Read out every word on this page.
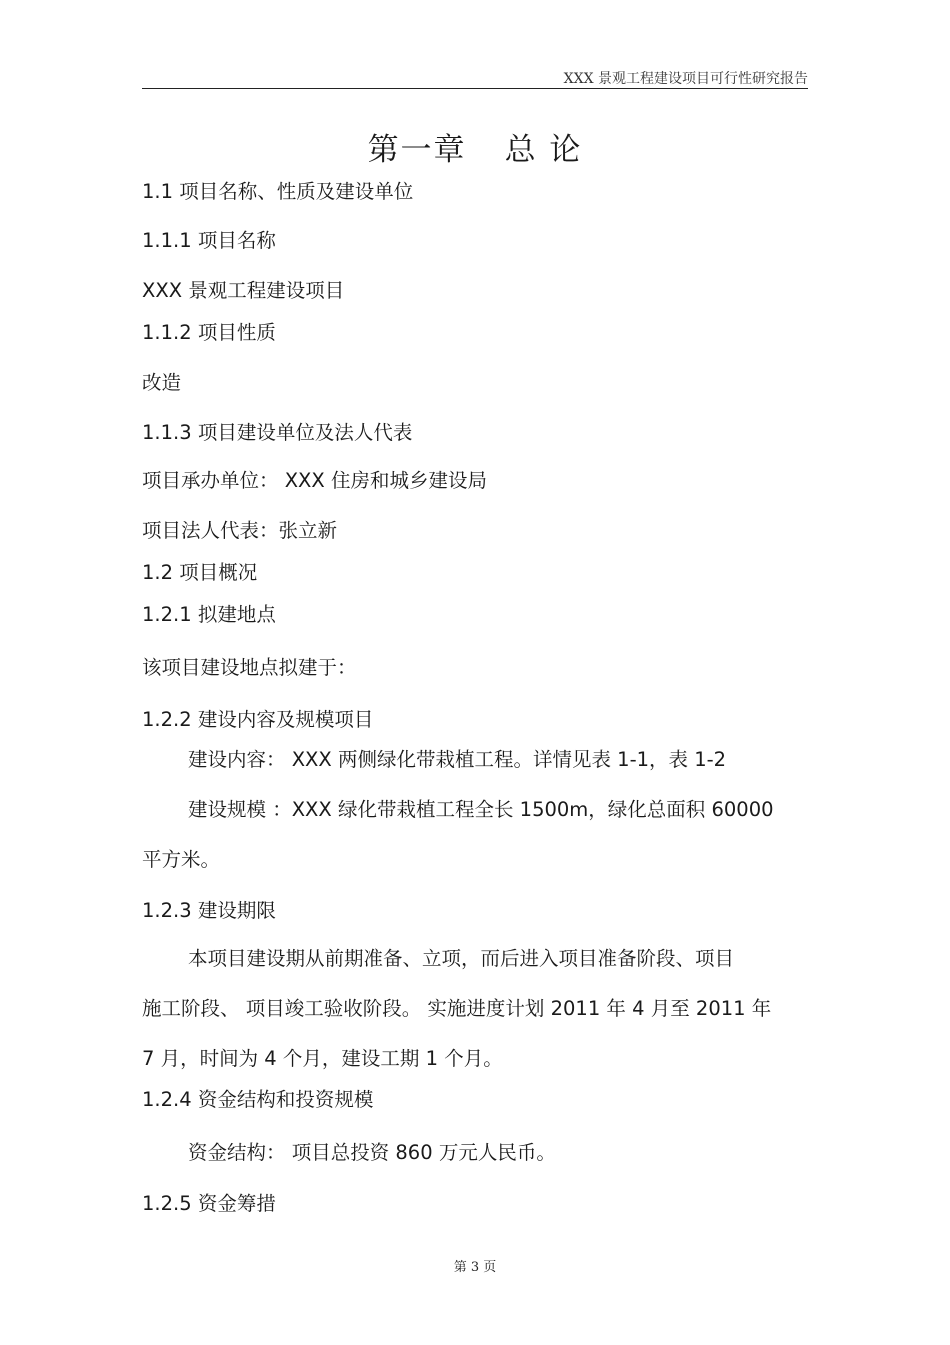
XXX 景观工程建设项目可行性研究报告
第一章 总 论
1.1 项目名称、性质及建设单位
1.1.1 项目名称
XXX 景观工程建设项目
1.1.2 项目性质
改造
1.1.3 项目建设单位及法人代表
项目承办单位： XXX 住房和城乡建设局
项目法人代表：张立新
1.2 项目概况
1.2.1 拟建地点
该项目建设地点拟建于：
1.2.2 建设内容及规模项目
建设内容： XXX 两侧绿化带栽植工程。详情见表 1-1，表 1-2
建设规模 ：XXX 绿化带栽植工程全长 1500m，绿化总面积 60000
平方米。
1.2.3 建设期限
本项目建设期从前期准备、立项，而后进入项目准备阶段、项目
施工阶段、 项目竣工验收阶段。 实施进度计划 2011 年 4 月至 2011 年
7 月，时间为 4 个月，建设工期 1 个月。
1.2.4 资金结构和投资规模
资金结构： 项目总投资 860 万元人民币。
1.2.5 资金筹措
第 3 页
